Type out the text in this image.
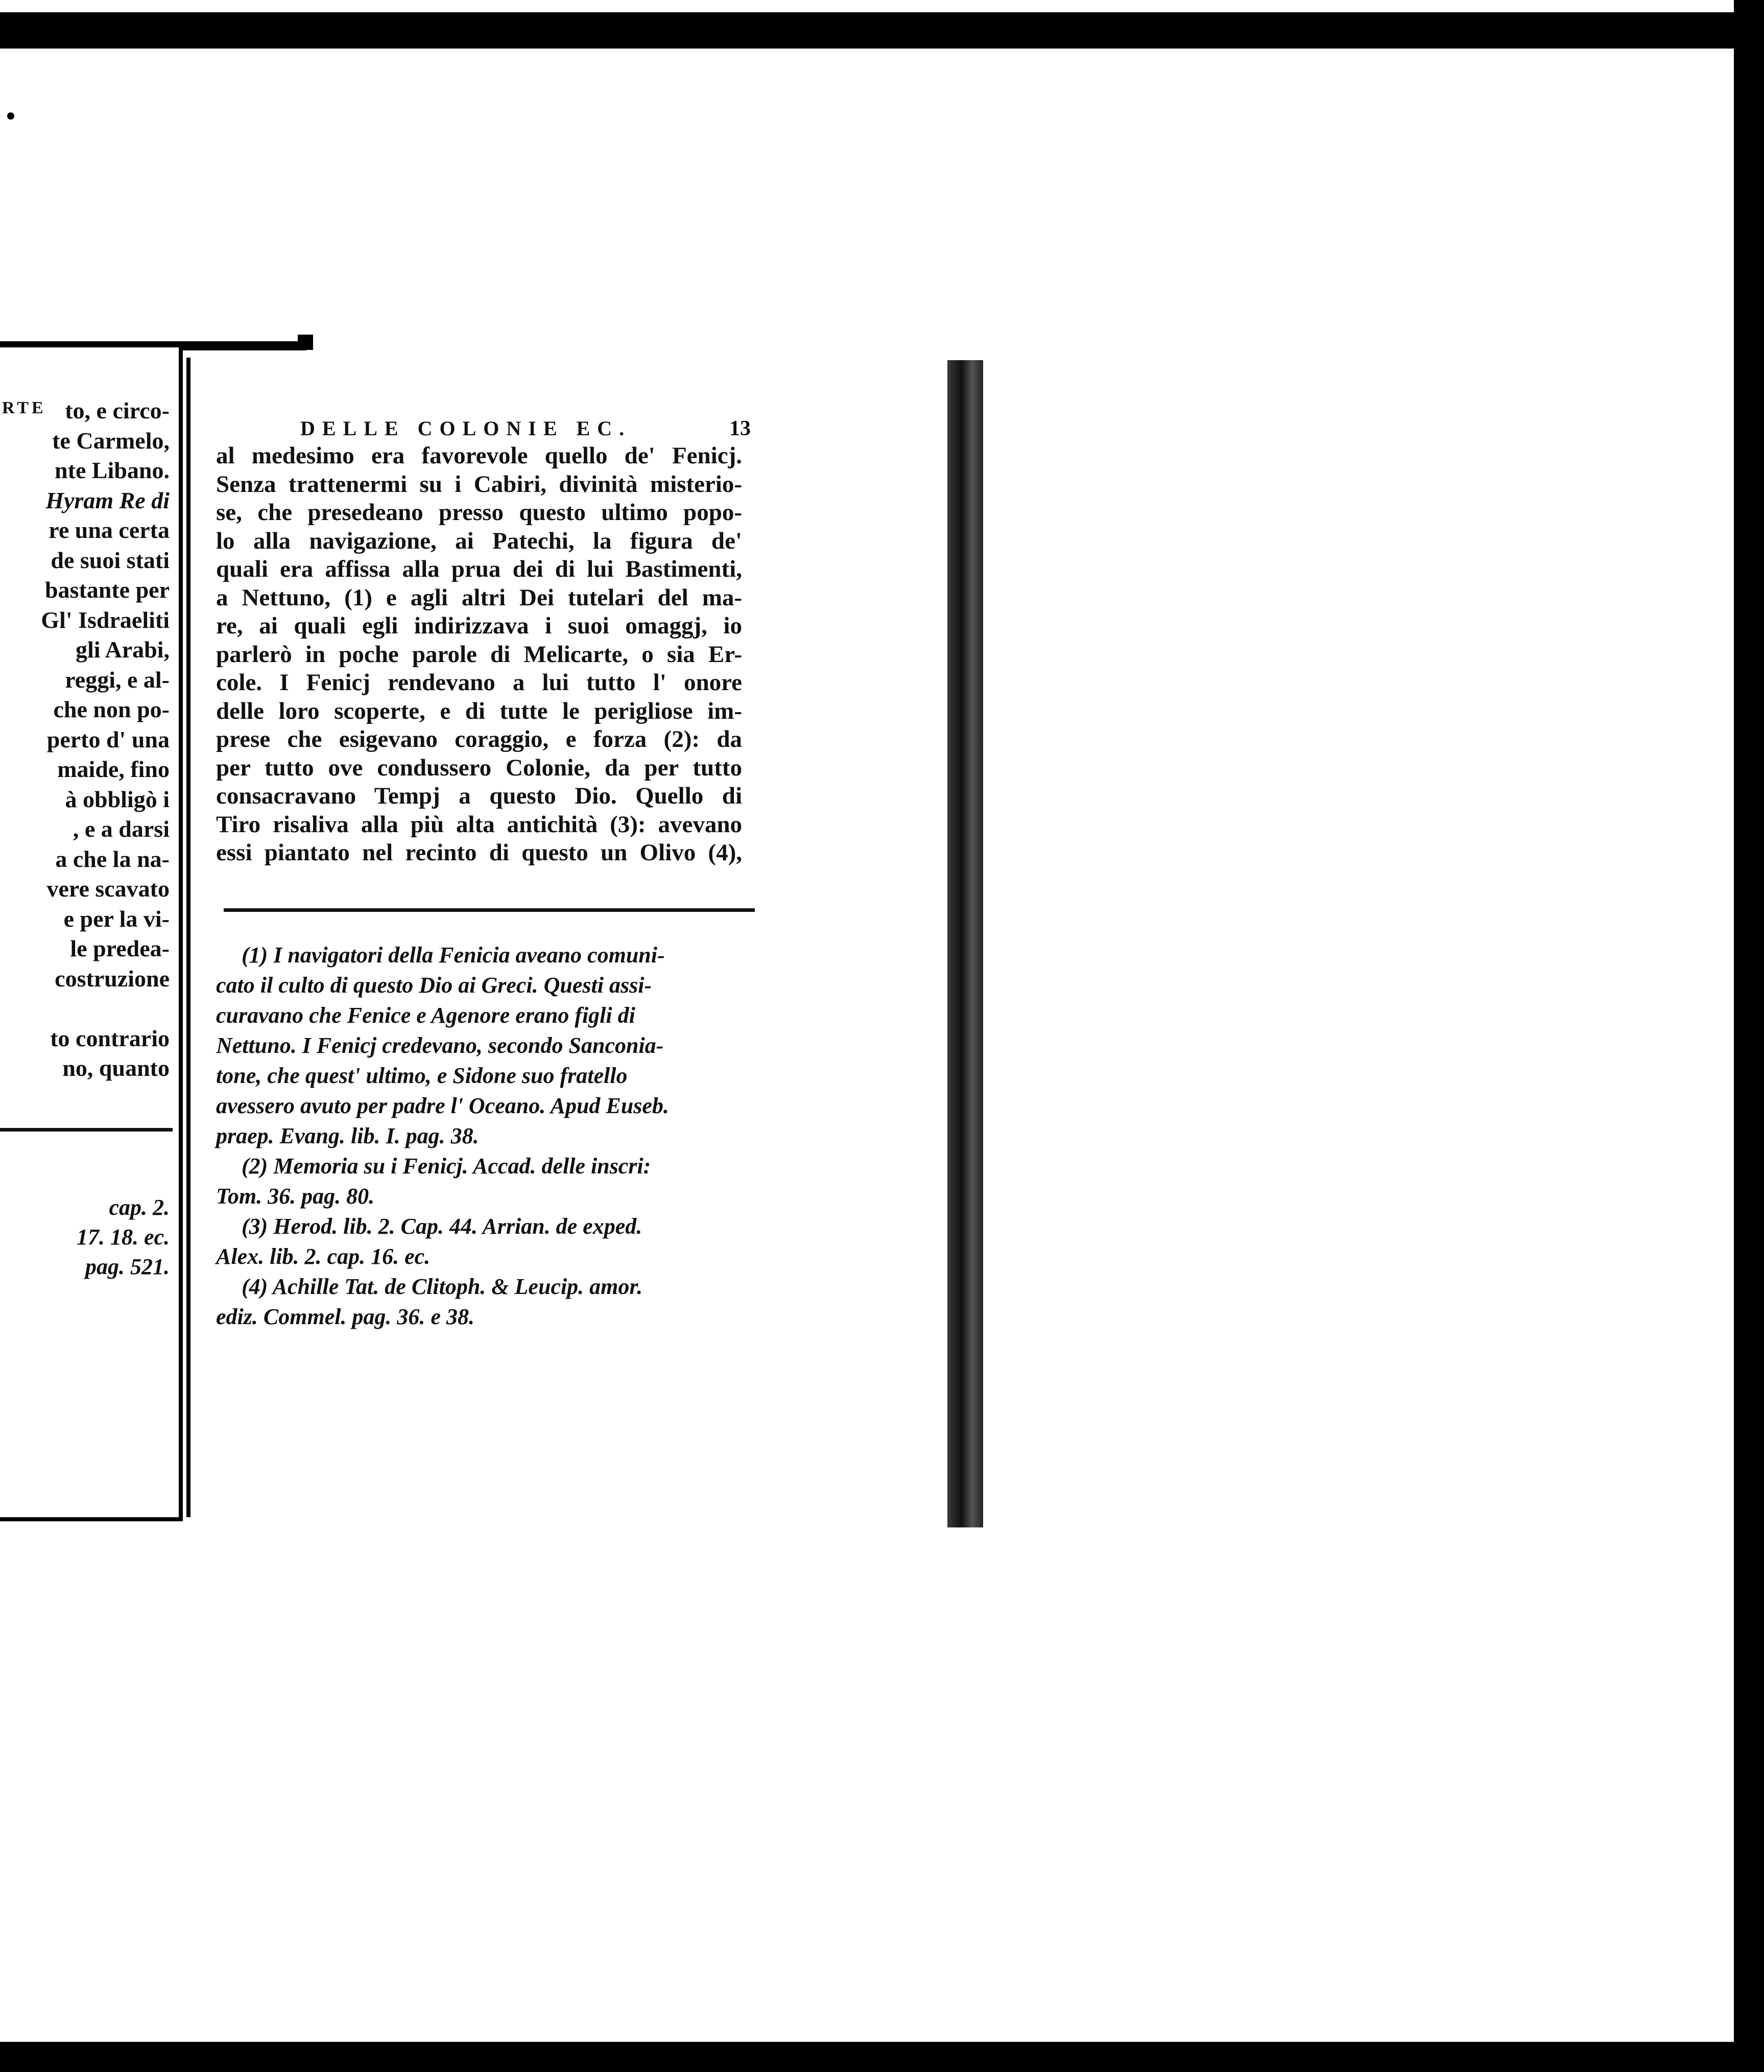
RTE to, e circo-
te Carmelo,
nte Libano.
Hyram Re di
re una certa
de suoi stati
bastante per
Gl' Isdraeliti
gli Arabi,
reggi, e al-
che non po-
perto d' una
maide, fino
à obbligò i
, e a darsi
a che la na-
vere scavato
e per la vi-
le predea-
costruzione

to contrario
no, quanto
cap. 2.
17. 18. ec.
pag. 521.
DELLE COLONIE EC.	13
al medesimo era favorevole quello de' Fenicj.
Senza trattenermi su i Cabiri, divinità misterio-
se, che presedeano presso questo ultimo popo-
lo alla navigazione, ai Patechi, la figura de'
quali era affissa alla prua dei di lui Bastimenti,
a Nettuno, (1) e agli altri Dei tutelari del ma-
re, ai quali egli indirizzava i suoi omaggj, io
parlerò in poche parole di Melicarte, o sia Er-
cole. I Fenicj rendevano a lui tutto l' onore
delle loro scoperte, e di tutte le perigliose im-
prese che esigevano coraggio, e forza (2): da
per tutto ove condussero Colonie, da per tutto
consacravano Tempj a questo Dio. Quello di
Tiro risaliva alla più alta antichità (3): avevano
essi piantato nel recinto di questo un Olivo (4),
(1) I navigatori della Fenicia aveano comuni-
cato il culto di questo Dio ai Greci. Questi assi-
curavano che Fenice e Agenore erano figli di
Nettuno. I Fenicj credevano, secondo Sanconia-
tone, che quest' ultimo, e Sidone suo fratello
avessero avuto per padre l' Oceano. Apud Euseb.
praep. Evang. lib. I. pag. 38.
(2) Memoria su i Fenicj. Accad. delle inscri:
Tom. 36. pag. 80.
(3) Herod. lib. 2. Cap. 44. Arrian. de exped.
Alex. lib. 2. cap. 16. ec.
(4) Achille Tat. de Clitoph. & Leucip. amor.
ediz. Commel. pag. 36. e 38.
